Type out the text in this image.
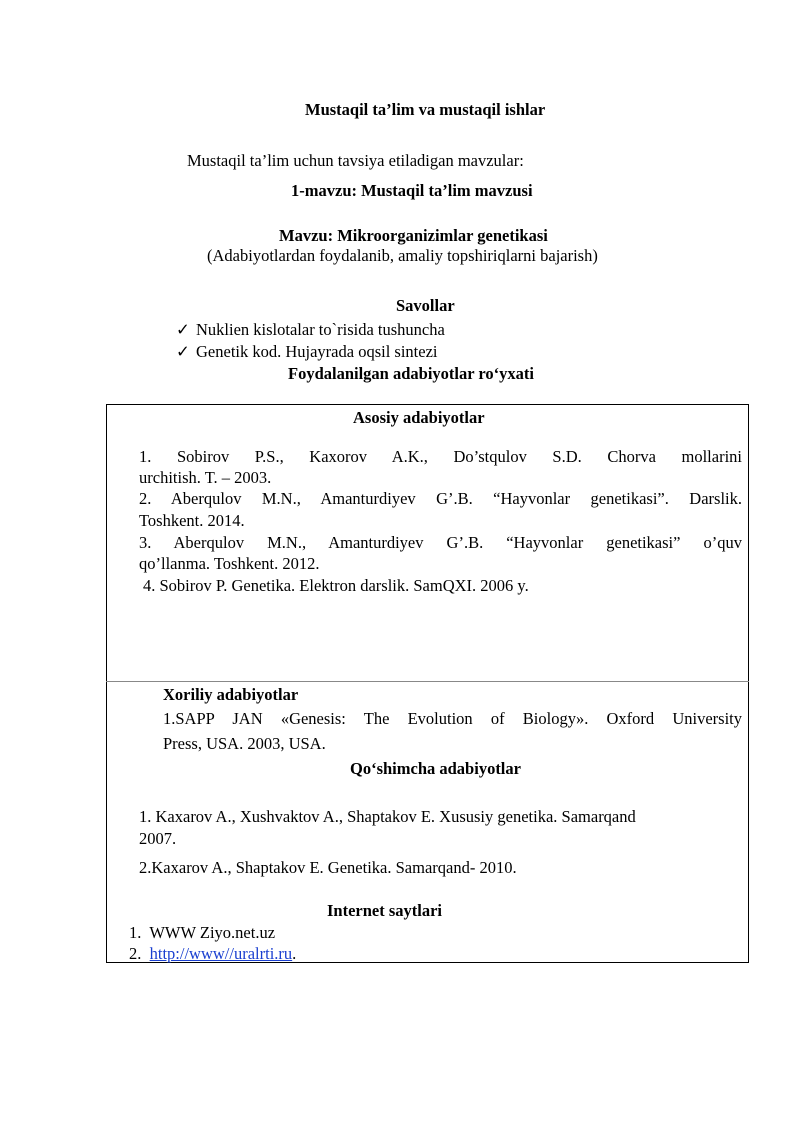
Mustaqil ta’lim va mustaqil ishlar
Mustaqil ta’lim uchun tavsiya etiladigan mavzular:
1-mavzu: Mustaqil ta’lim mavzusi
Mavzu: Mikroorganizimlar genetikasi
(Adabiyotlardan foydalanib, amaliy topshiriqlarni bajarish)
Savollar
✓ Nuklien kislotalar to`risida tushuncha
✓ Genetik kod. Hujayrada oqsil sintezi
Foydalanilgan adabiyotlar ro‘yxati
Asosiy adabiyotlar
1. Sobirov P.S., Kaxorov A.K., Do’stqulov S.D. Chorva mollarini
urchitish. T. – 2003.
2. Aberqulov M.N., Amanturdiyev G’.B. “Hayvonlar genetikasi”. Darslik.
Toshkent. 2014.
3. Aberqulov M.N., Amanturdiyev G’.B. “Hayvonlar genetikasi” o’quv
qo’llanma. Toshkent. 2012.
4. Sobirov P. Genetika. Elektron darslik. SamQXI. 2006 y.
Xoriliy adabiyotlar
1.SAPP JAN «Genesis: The Evolution of Biology». Oxford University
Press, USA. 2003, USA.
Qo‘shimcha adabiyotlar
1. Kaxarov A., Xushvaktov A., Shaptakov E. Xususiy genetika. Samarqand
2007.
2.Kaxarov A., Shaptakov E. Genetika. Samarqand- 2010.
Internet saytlari
1. WWW Ziyo.net.uz
2. http://www//uralrti.ru.
